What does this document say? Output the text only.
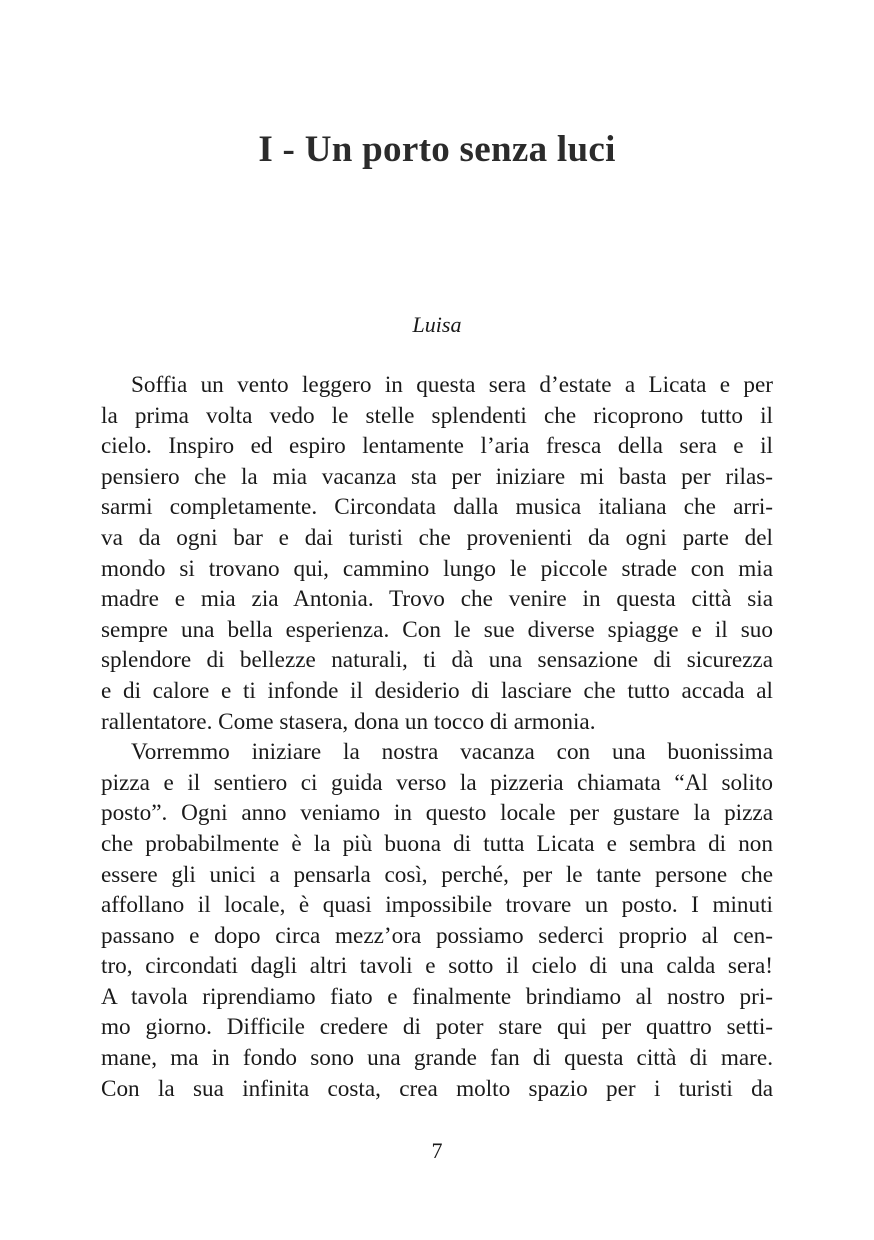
I - Un porto senza luci
Luisa
Soffia un vento leggero in questa sera d’estate a Licata e per
la prima volta vedo le stelle splendenti che ricoprono tutto il
cielo. Inspiro ed espiro lentamente l’aria fresca della sera e il
pensiero che la mia vacanza sta per iniziare mi basta per rilas-
sarmi completamente. Circondata dalla musica italiana che arri-
va da ogni bar e dai turisti che provenienti da ogni parte del
mondo si trovano qui, cammino lungo le piccole strade con mia
madre e mia zia Antonia. Trovo che venire in questa città sia
sempre una bella esperienza. Con le sue diverse spiagge e il suo
splendore di bellezze naturali, ti dà una sensazione di sicurezza
e di calore e ti infonde il desiderio di lasciare che tutto accada al
rallentatore. Come stasera, dona un tocco di armonia.
Vorremmo iniziare la nostra vacanza con una buonissima
pizza e il sentiero ci guida verso la pizzeria chiamata “Al solito
posto”. Ogni anno veniamo in questo locale per gustare la pizza
che probabilmente è la più buona di tutta Licata e sembra di non
essere gli unici a pensarla così, perché, per le tante persone che
affollano il locale, è quasi impossibile trovare un posto. I minuti
passano e dopo circa mezz’ora possiamo sederci proprio al cen-
tro, circondati dagli altri tavoli e sotto il cielo di una calda sera!
A tavola riprendiamo fiato e finalmente brindiamo al nostro pri-
mo giorno. Difficile credere di poter stare qui per quattro setti-
mane, ma in fondo sono una grande fan di questa città di mare.
Con la sua infinita costa, crea molto spazio per i turisti da
7
